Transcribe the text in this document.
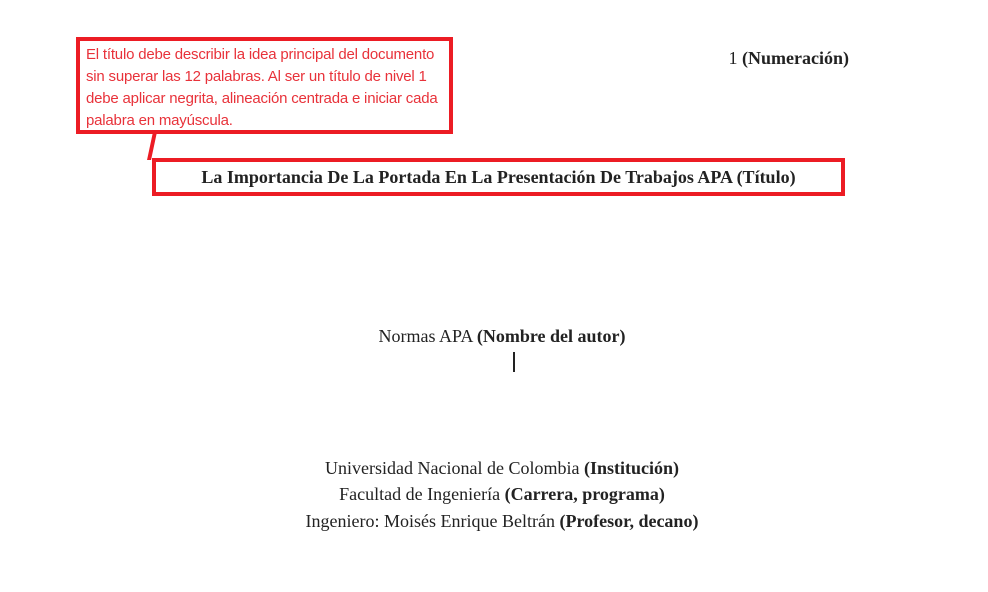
El título debe describir la idea principal del documento sin superar las 12 palabras. Al ser un título de nivel 1 debe aplicar negrita, alineación centrada e iniciar cada palabra en mayúscula.
1 (Numeración)
La Importancia De La Portada En La Presentación De Trabajos APA (Título)
Normas APA (Nombre del autor)
Universidad Nacional de Colombia (Institución)
Facultad de Ingeniería (Carrera, programa)
Ingeniero: Moisés Enrique Beltrán (Profesor, decano)
